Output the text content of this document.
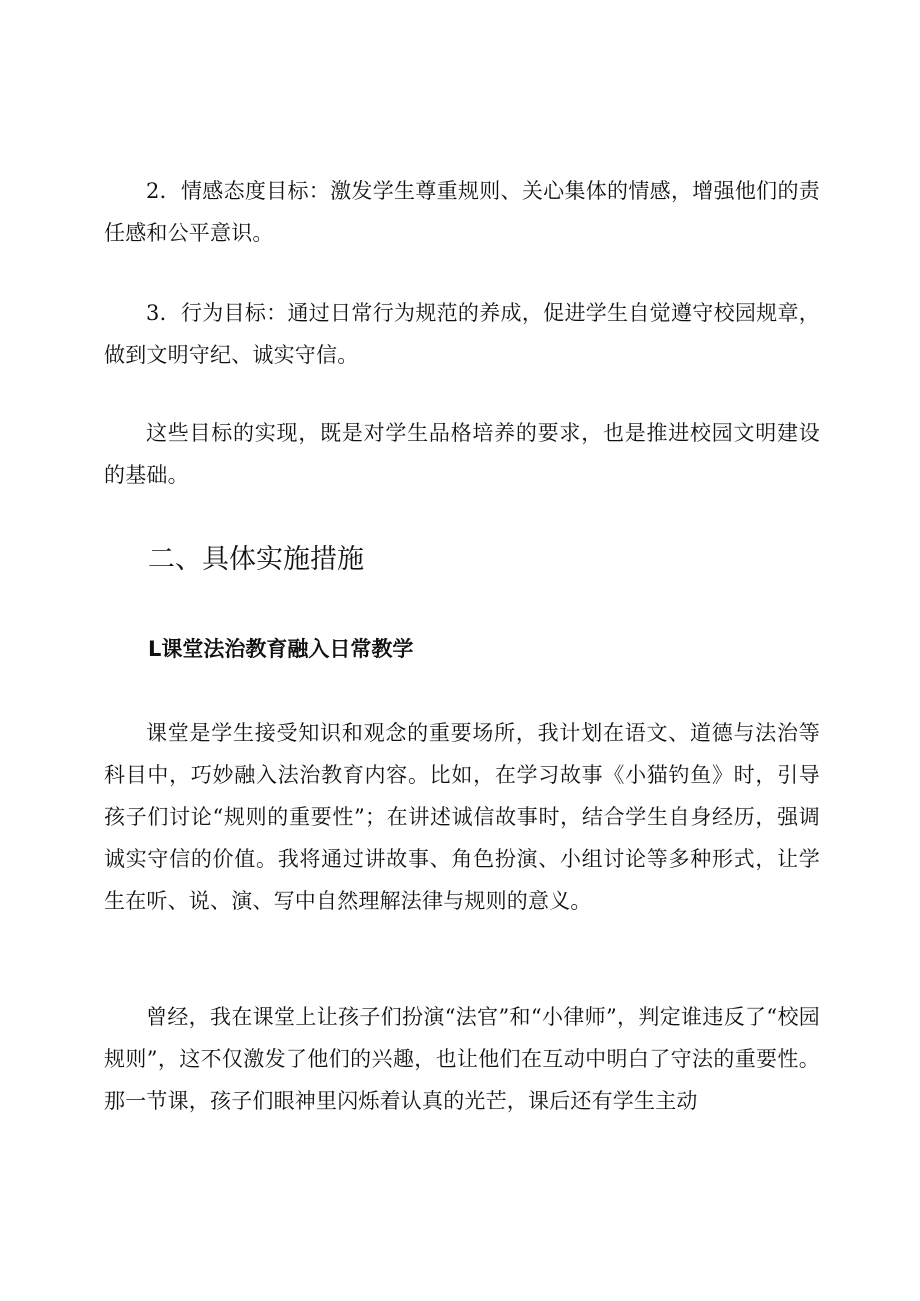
2．情感态度目标：激发学生尊重规则、关心集体的情感，增强他们的责任感和公平意识。

3．行为目标：通过日常行为规范的养成，促进学生自觉遵守校园规章，做到文明守纪、诚实守信。

这些目标的实现，既是对学生品格培养的要求，也是推进校园文明建设的基础。

二、具体实施措施
L课堂法治教育融入日常教学

课堂是学生接受知识和观念的重要场所，我计划在语文、道德与法治等科目中，巧妙融入法治教育内容。比如，在学习故事《小猫钓鱼》时，引导孩子们讨论“规则的重要性”；在讲述诚信故事时，结合学生自身经历，强调诚实守信的价值。我将通过讲故事、角色扮演、小组讨论等多种形式，让学生在听、说、演、写中自然理解法律与规则的意义。

曾经，我在课堂上让孩子们扮演“法官”和“小律师”，判定谁违反了“校园规则”，这不仅激发了他们的兴趣，也让他们在互动中明白了守法的重要性。那一节课，孩子们眼神里闪烁着认真的光芒，课后还有学生主动
